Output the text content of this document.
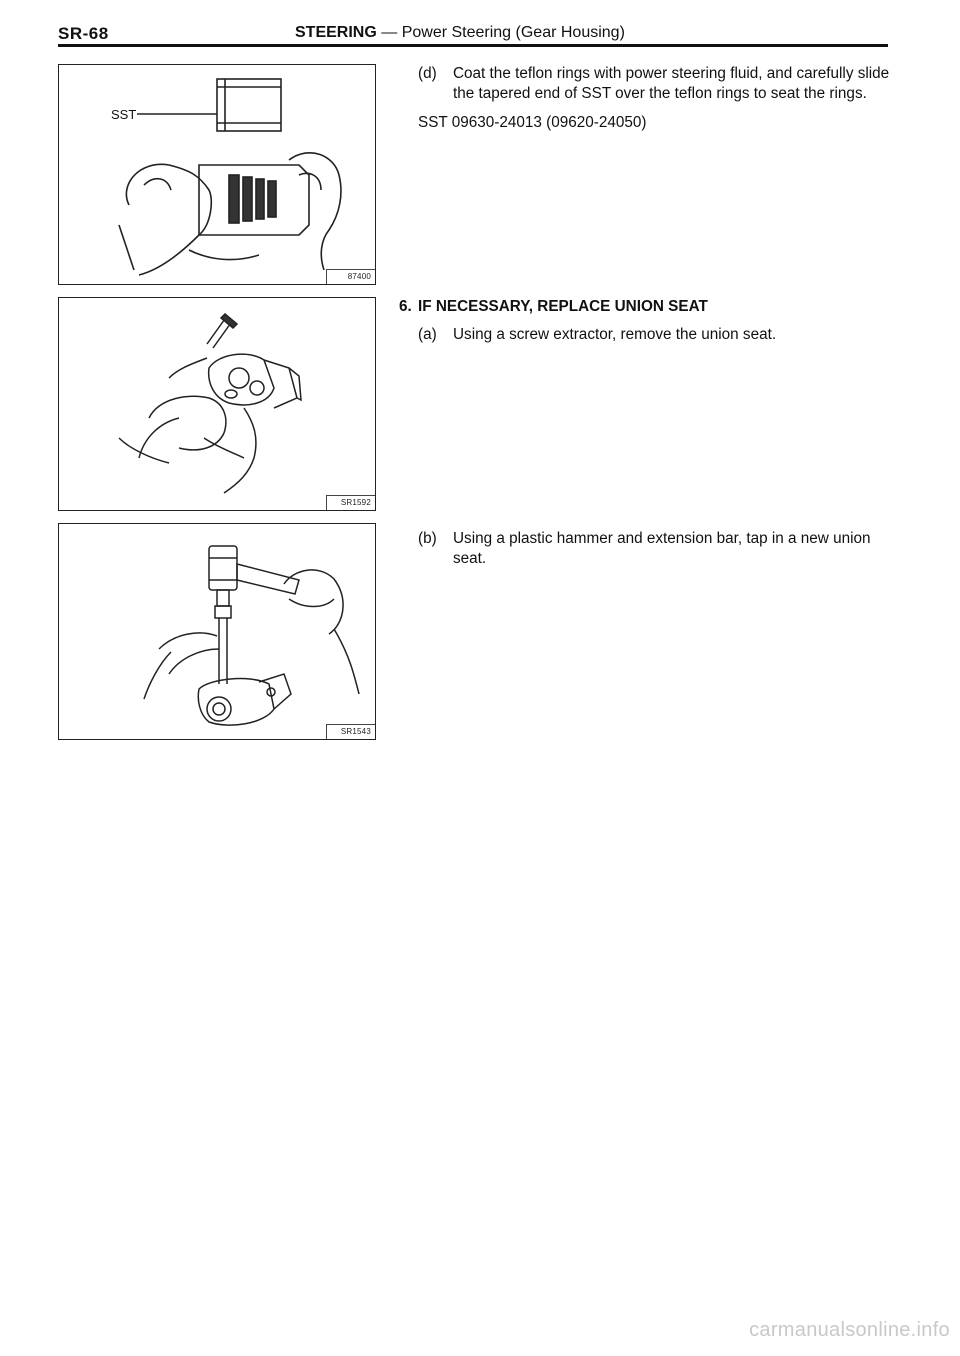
SR-68	STEERING — Power Steering (Gear Housing)
SST
87400
SR1592
SR1543
(d)	Coat the teflon rings with power steering fluid, and carefully slide the tapered end of SST over the teflon rings to seat the rings.
SST 09630-24013 (09620-24050)
6. IF NECESSARY, REPLACE UNION SEAT
(a)	Using a screw extractor, remove the union seat.
(b)	Using a plastic hammer and extension bar, tap in a new union seat.
carmanualsonline.info
